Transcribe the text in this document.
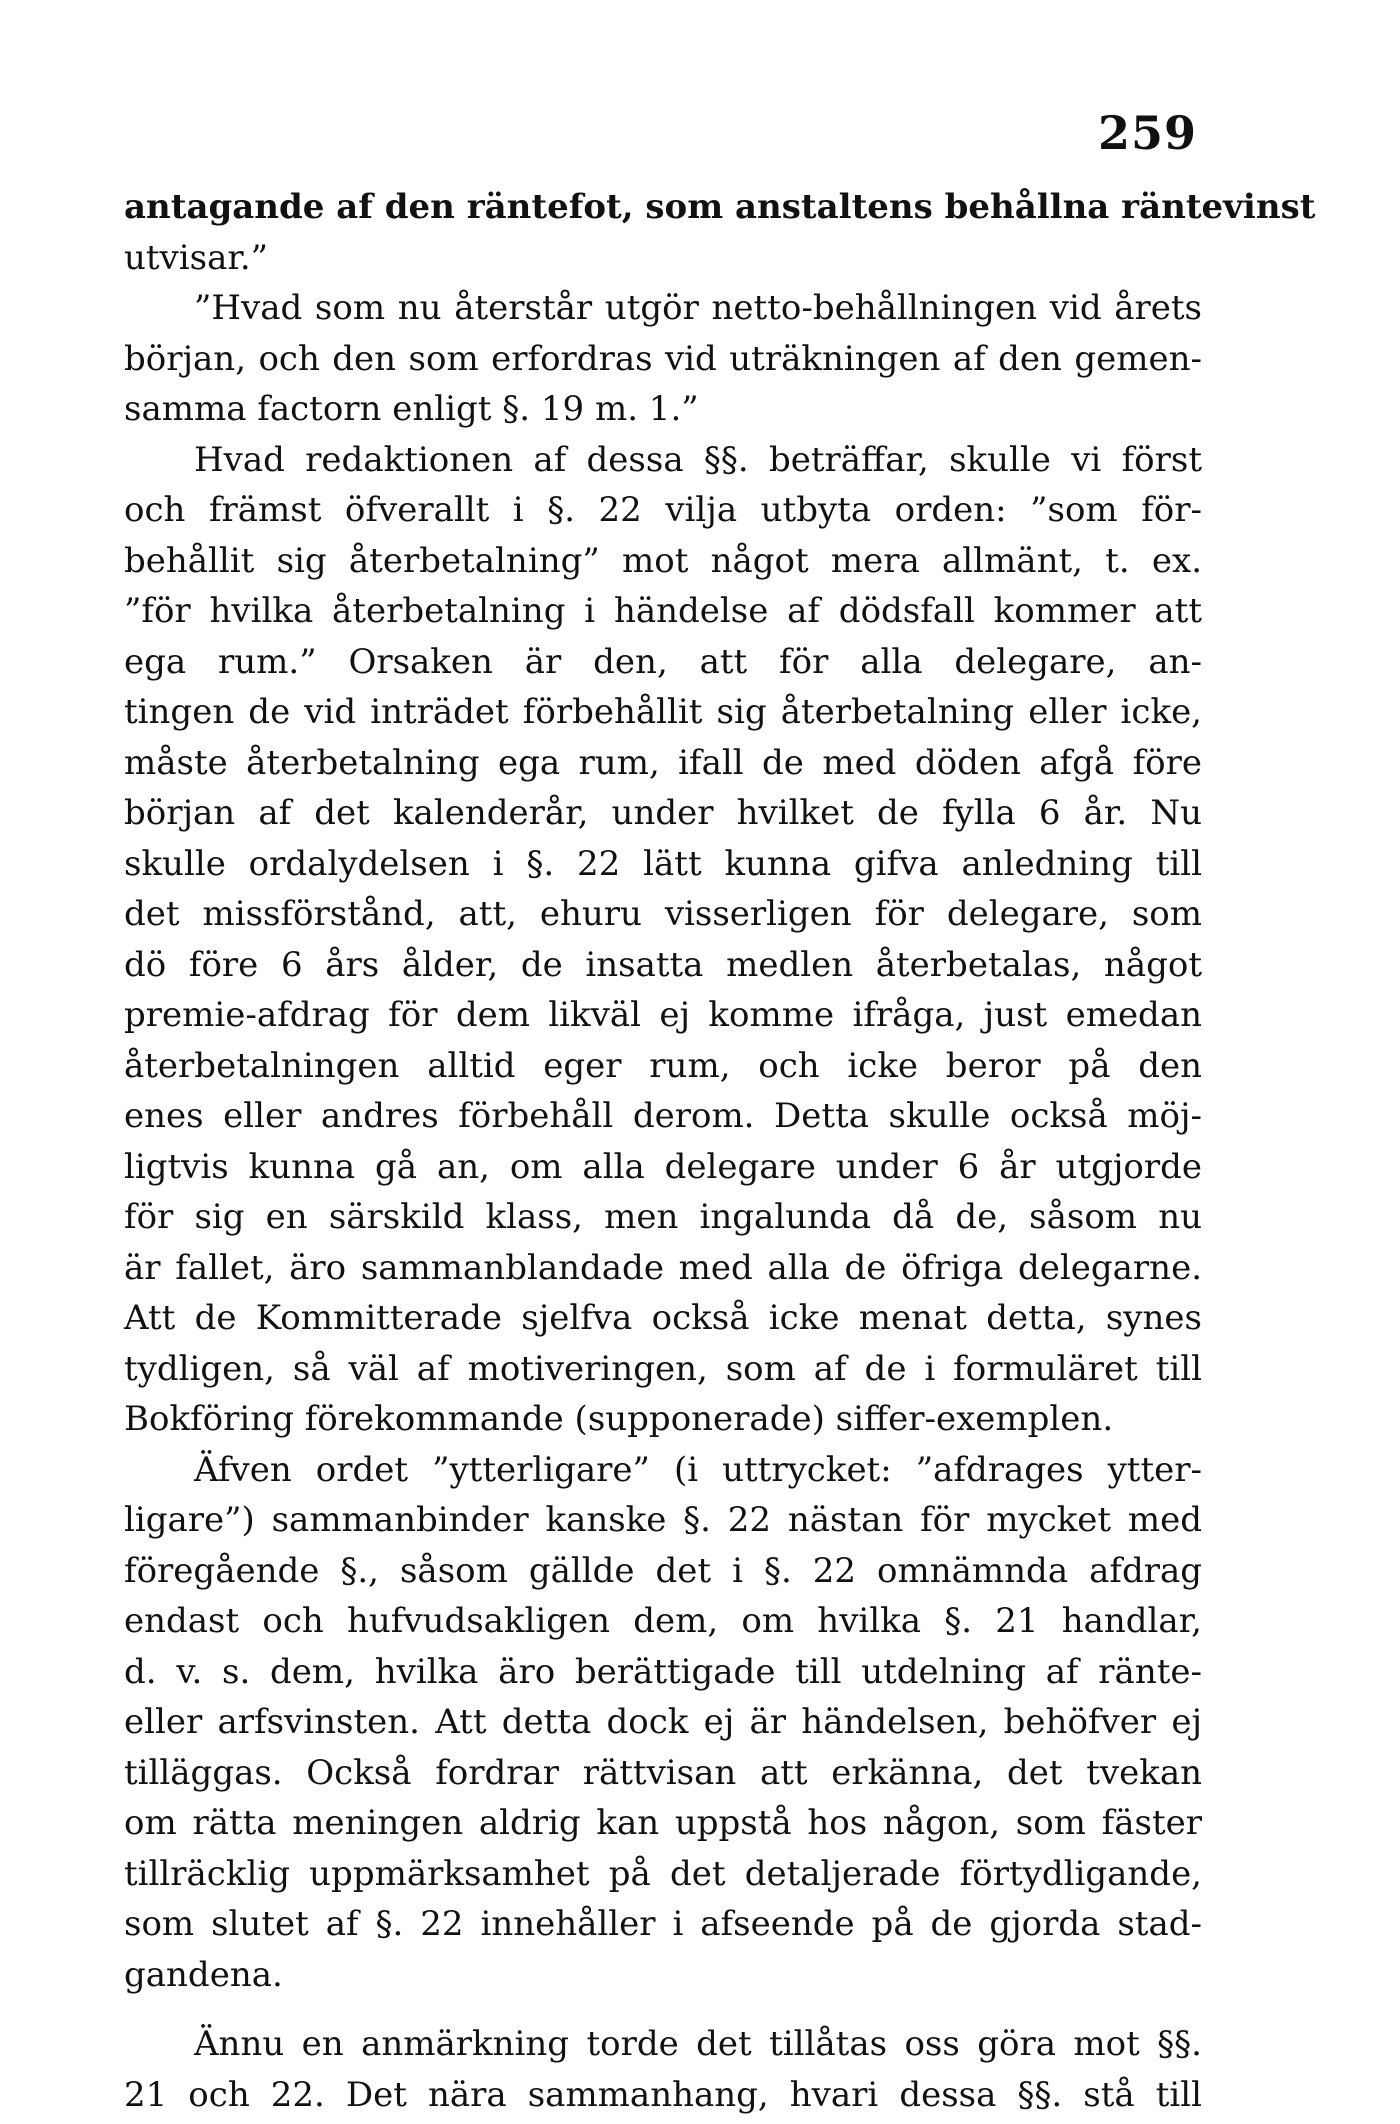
259
antagande af den räntefot, som anstaltens behållna räntevinst
utvisar.”
”Hvad som nu återstår utgör netto-behållningen vid årets
början, och den som erfordras vid uträkningen af den gemen-
samma factorn enligt §. 19 m. 1.”
Hvad redaktionen af dessa §§. beträffar, skulle vi först
och främst öfverallt i §. 22 vilja utbyta orden: ”som för-
behållit sig återbetalning” mot något mera allmänt, t. ex.
”för hvilka återbetalning i händelse af dödsfall kommer att
ega rum.” Orsaken är den, att för alla delegare, an-
tingen de vid inträdet förbehållit sig återbetalning eller icke,
måste återbetalning ega rum, ifall de med döden afgå före
början af det kalenderår, under hvilket de fylla 6 år. Nu
skulle ordalydelsen i §. 22 lätt kunna gifva anledning till
det missförstånd, att, ehuru visserligen för delegare, som
dö före 6 års ålder, de insatta medlen återbetalas, något
premie-afdrag för dem likväl ej komme ifråga, just emedan
återbetalningen alltid eger rum, och icke beror på den
enes eller andres förbehåll derom. Detta skulle också möj-
ligtvis kunna gå an, om alla delegare under 6 år utgjorde
för sig en särskild klass, men ingalunda då de, såsom nu
är fallet, äro sammanblandade med alla de öfriga delegarne.
Att de Kommitterade sjelfva också icke menat detta, synes
tydligen, så väl af motiveringen, som af de i formuläret till
Bokföring förekommande (supponerade) siffer-exemplen.
Äfven ordet ”ytterligare” (i uttrycket: ”afdrages ytter-
ligare”) sammanbinder kanske §. 22 nästan för mycket med
föregående §., såsom gällde det i §. 22 omnämnda afdrag
endast och hufvudsakligen dem, om hvilka §. 21 handlar,
d. v. s. dem, hvilka äro berättigade till utdelning af ränte-
eller arfsvinsten. Att detta dock ej är händelsen, behöfver ej
tilläggas. Också fordrar rättvisan att erkänna, det tvekan
om rätta meningen aldrig kan uppstå hos någon, som fäster
tillräcklig uppmärksamhet på det detaljerade förtydligande,
som slutet af §. 22 innehåller i afseende på de gjorda stad-
gandena.
Ännu en anmärkning torde det tillåtas oss göra mot §§.
21 och 22. Det nära sammanhang, hvari dessa §§. stå till
